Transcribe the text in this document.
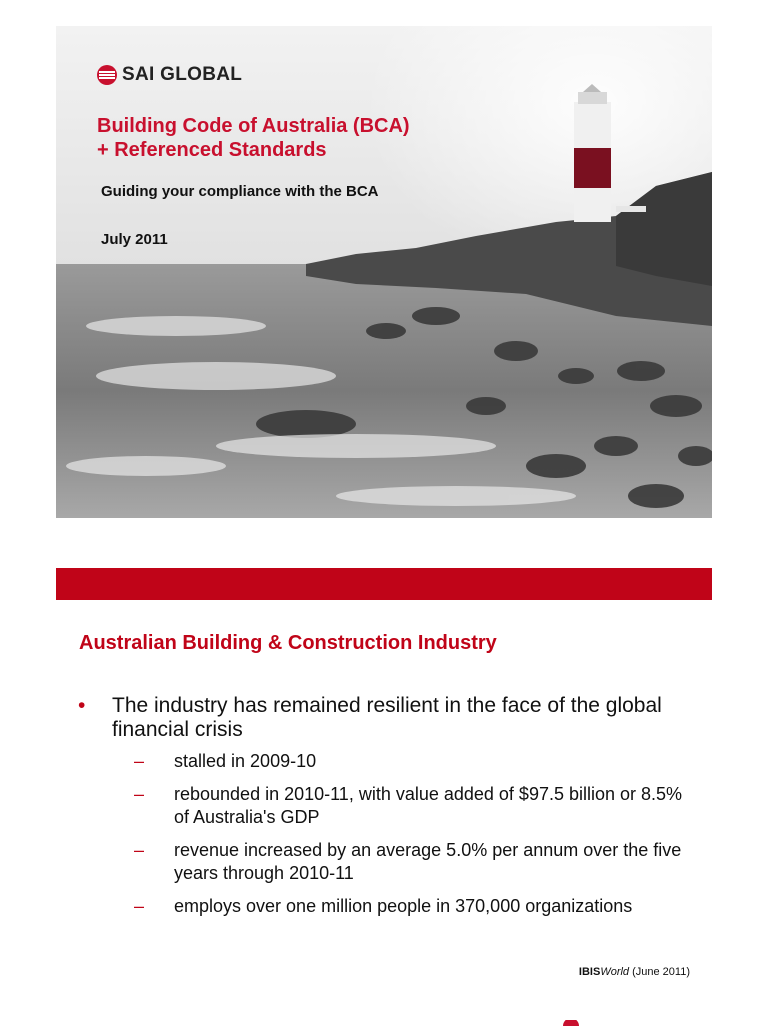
SAI GLOBAL
Building Code of Australia (BCA)
+ Referenced Standards
Guiding your compliance with the BCA
July 2011
Australian Building & Construction Industry
• The industry has remained resilient in the face of the global financial crisis
–	stalled in 2009-10
–	rebounded in 2010-11, with value added of $97.5 billion or 8.5% of Australia's GDP
–	revenue increased by an average 5.0% per annum over the five years through 2010-11
–	employs over one million people in 370,000 organizations
IBISWorld (June 2011)
